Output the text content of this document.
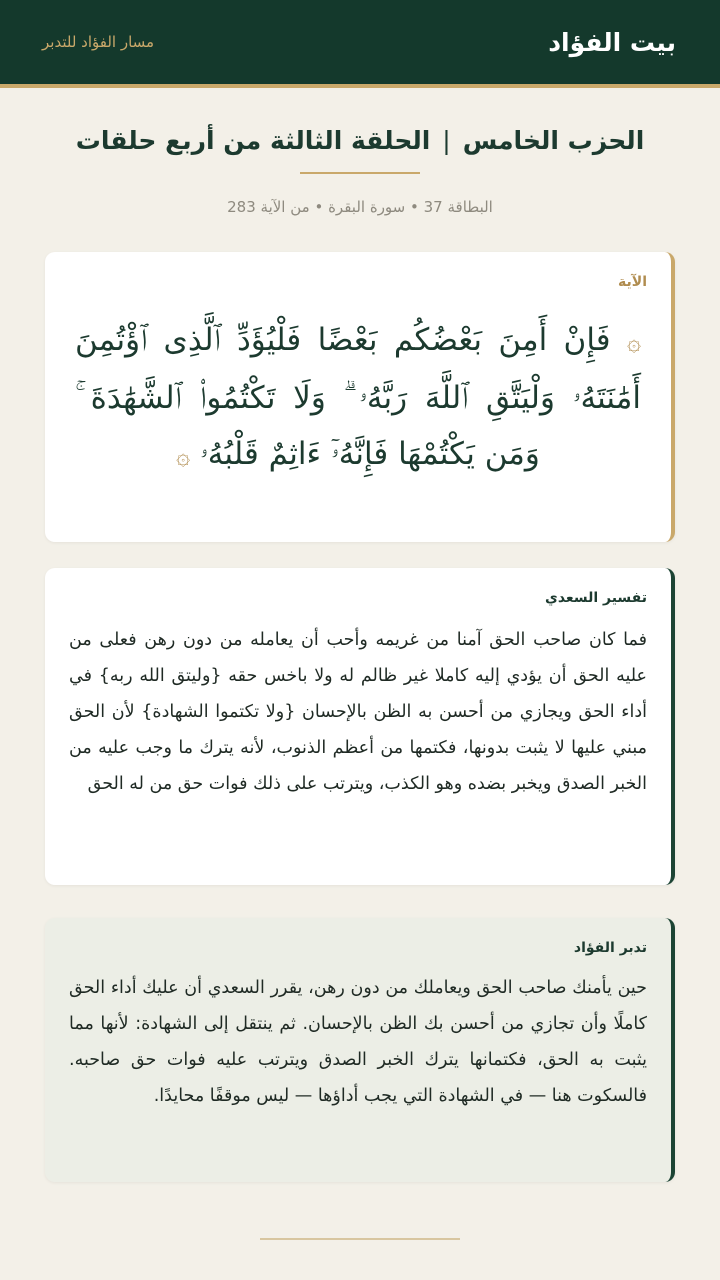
بيت الفؤاد
مسار الفؤاد للتدبر
الحزب الخامس|الحلقة الثالثة من أربع حلقات
البطاقة 37 • سورة البقرة • من الآية 283
الآية
۞ فَإِنْ أَمِنَ بَعْضُكُم بَعْضًا فَلْيُؤَدِّ ٱلَّذِى ٱؤْتُمِنَ أَمَٰنَتَهُۥ وَلْيَتَّقِ ٱللَّهَ رَبَّهُۥ ۗ وَلَا تَكْتُمُوا۟ ٱلشَّهَٰدَةَ ۚ وَمَن يَكْتُمْهَا فَإِنَّهُۥٓ ءَاثِمٌ قَلْبُهُۥ ۞
تفسير السعدي

فما كان صاحب الحق آمنا من غريمه وأحب أن يعامله من دون رهن فعلى من عليه الحق أن يؤدي إليه كاملا غير ظالم له ولا باخس حقه {وليتق الله ربه} في أداء الحق ويجازي من أحسن به الظن بالإحسان {ولا تكتموا الشهادة} لأن الحق مبني عليها لا يثبت بدونها، فكتمها من أعظم الذنوب، لأنه يترك ما وجب عليه من الخبر الصدق ويخبر بضده وهو الكذب، ويترتب على ذلك فوات حق من له الحق

تدبر الفؤاد

حين يأمنك صاحب الحق ويعاملك من دون رهن، يقرر السعدي أن عليك أداء الحق كاملًا وأن تجازي من أحسن بك الظن بالإحسان. ثم ينتقل إلى الشهادة: لأنها مما يثبت به الحق، فكتمانها يترك الخبر الصدق ويترتب عليه فوات حق صاحبه. فالسكوت هنا — في الشهادة التي يجب أداؤها — ليس موقفًا محايدًا.
